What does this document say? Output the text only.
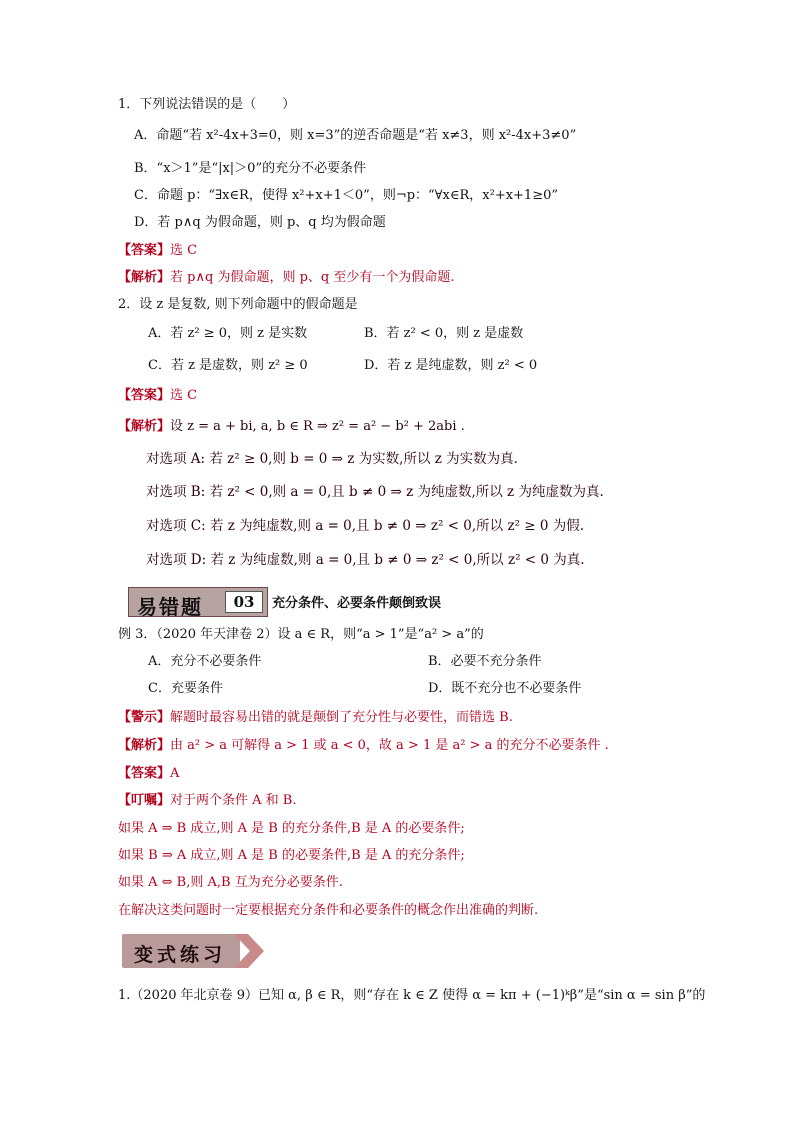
1．下列说法错误的是（　　）
A．命题“若 x²-4x+3=0，则 x=3”的逆否命题是“若 x≠3，则 x²-4x+3≠0”
B．“x＞1”是“|x|＞0”的充分不必要条件
C．命题 p：“∃x∈R，使得 x²+x+1＜0”，则¬p：“∀x∈R，x²+x+1≥0”
D．若 p∧q 为假命题，则 p、q 均为假命题
【答案】选 C
【解析】若 p∧q 为假命题，则 p、q 至少有一个为假命题.
2．设 z 是复数, 则下列命题中的假命题是
A．若 z² ≥ 0，则 z 是实数	B．若 z² < 0，则 z 是虚数
C．若 z 是虚数，则 z² ≥ 0	D．若 z 是纯虚数，则 z² < 0
【答案】选 C
【解析】设 z = a + bi, a, b ∈ R ⇒ z² = a² − b² + 2abi .
对选项 A: 若 z² ≥ 0,则 b = 0 ⇒ z 为实数,所以 z 为实数为真.
对选项 B: 若 z² < 0,则 a = 0,且 b ≠ 0 ⇒ z 为纯虚数,所以 z 为纯虚数为真.
对选项 C: 若 z 为纯虚数,则 a = 0,且 b ≠ 0 ⇒ z² < 0,所以 z² ≥ 0 为假.
对选项 D: 若 z 为纯虚数,则 a = 0,且 b ≠ 0 ⇒ z² < 0,所以 z² < 0 为真.
易错题	03	充分条件、必要条件颠倒致误
例 3．（2020 年天津卷 2）设 a ∈ R，则“a > 1”是“a² > a”的
A．充分不必要条件	B．必要不充分条件
C．充要条件	D．既不充分也不必要条件
【警示】解题时最容易出错的就是颠倒了充分性与必要性，而错选 B.
【解析】由 a² > a 可解得 a > 1 或 a < 0，故 a > 1 是 a² > a 的充分不必要条件 .
【答案】A
【叮嘱】对于两个条件 A 和 B.
如果 A ⇒ B 成立,则 A 是 B 的充分条件,B 是 A 的必要条件;
如果 B ⇒ A 成立,则 A 是 B 的必要条件,B 是 A 的充分条件;
如果 A ⇔ B,则 A,B 互为充分必要条件.
在解决这类问题时一定要根据充分条件和必要条件的概念作出准确的判断.
变式练习
1.（2020 年北京卷 9）已知 α, β ∈ R，则“存在 k ∈ Z 使得 α = kπ + (−1)ᵏβ”是“sin α = sin β”的
